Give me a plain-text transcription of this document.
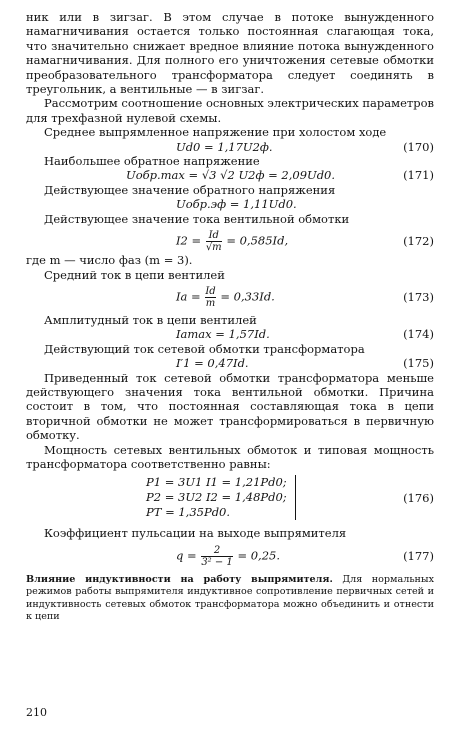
ник или в зигзаг. В этом случае в потоке вынужденного намагничивания остается только постоянная слагающая тока, что значительно снижает вредное влияние потока вынужденного намагничивания. Для полного его уничтожения сетевые обмотки преобразовательного трансформатора следует соединять в треугольник, а вентильные — в зигзаг.

Рассмотрим соотношение основных электрических параметров для трехфазной нулевой схемы.

Среднее выпрямленное напряжение при холостом ходе

Ud0 = 1,17U2ф.	(170)

Наибольшее обратное напряжение

Uобр.max = √3 √2 U2ф = 2,09Ud0.	(171)

Действующее значение обратного напряжения

Uобр.эф = 1,11Ud0.

Действующее значение тока вентильной обмотки

$I2 = \frac{Id}{√m} = 0,585Id$,	(172)

где m — число фаз (m = 3).

Средний ток в цепи вентилей

$Ia = \frac{Id}{m} = 0,33Id$.	(173)

Амплитудный ток в цепи вентилей

Iamax = 1,57Id.	(174)

Действующий ток сетевой обмотки трансформатора

I′1 = 0,47Id.	(175)

Приведенный ток сетевой обмотки трансформатора меньше действующего значения тока вентильной обмотки. Причина состоит в том, что постоянная составляющая тока в цепи вторичной обмотки не может трансформироваться в первичную обмотку.

Мощность сетевых вентильных обмоток и типовая мощность трансформатора соответственно равны:

P1 = 3U1 I1 = 1,21Pd0;
P2 = 3U2 I2 = 1,48Pd0;
PT = 1,35Pd0.
(176)

Коэффициент пульсации на выходе выпрямителя

$q = \frac{2}{\text{3² − 1}} = 0,25$.	(177)

Влияние индуктивности на работу выпрямителя. Для нормальных режимов работы выпрямителя индуктивное сопротивление первичных сетей и индуктивность сетевых обмоток трансформатора можно объединить и отнести к цепи

210
